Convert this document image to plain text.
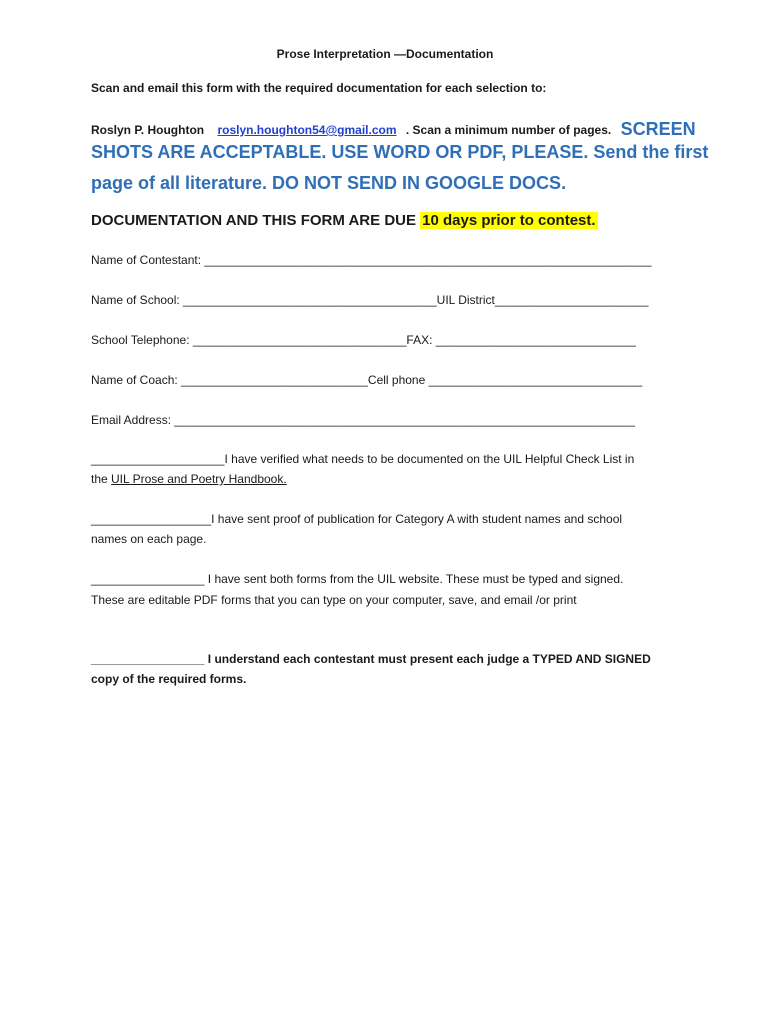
Prose Interpretation —Documentation
Scan and email this form with the required documentation for each selection to:
Roslyn P. Houghton roslyn.houghton54@gmail.com . Scan a minimum number of pages. SCREEN
SHOTS ARE ACCEPTABLE. USE WORD OR PDF, PLEASE. Send the first
page of all literature. DO NOT SEND IN GOOGLE DOCS.
DOCUMENTATION AND THIS FORM ARE DUE 10 days prior to contest.
Name of Contestant: ___________________________________________________________________
Name of School: ______________________________________UIL District_______________________
School Telephone: ________________________________FAX: ______________________________
Name of Coach: ____________________________Cell phone ________________________________
Email Address: _____________________________________________________________________
____________________I have verified what needs to be documented on the UIL Helpful Check List in
the UIL Prose and Poetry Handbook.
__________________I have sent proof of publication for Category A with student names and school
names on each page.
_________________ I have sent both forms from the UIL website. These must be typed and signed.
These are editable PDF forms that you can type on your computer, save, and email /or print
_________________ I understand each contestant must present each judge a TYPED AND SIGNED
copy of the required forms.
